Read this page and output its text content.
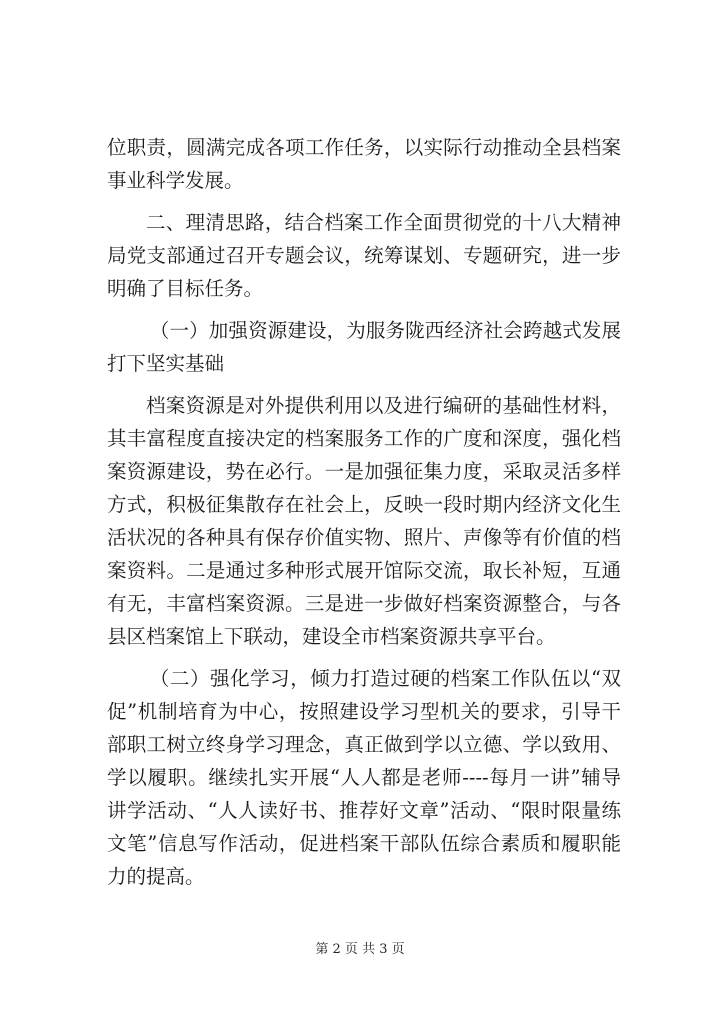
位职责，圆满完成各项工作任务，以实际行动推动全县档案事业科学发展。

二、理清思路，结合档案工作全面贯彻党的十八大精神局党支部通过召开专题会议，统筹谋划、专题研究，进一步明确了目标任务。

（一）加强资源建设，为服务陇西经济社会跨越式发展打下坚实基础

档案资源是对外提供利用以及进行编研的基础性材料，其丰富程度直接决定的档案服务工作的广度和深度，强化档案资源建设，势在必行。一是加强征集力度，采取灵活多样方式，积极征集散存在社会上，反映一段时期内经济文化生活状况的各种具有保存价值实物、照片、声像等有价值的档案资料。二是通过多种形式展开馆际交流，取长补短，互通有无，丰富档案资源。三是进一步做好档案资源整合，与各县区档案馆上下联动，建设全市档案资源共享平台。

（二）强化学习，倾力打造过硬的档案工作队伍以“双促”机制培育为中心，按照建设学习型机关的要求，引导干部职工树立终身学习理念，真正做到学以立德、学以致用、学以履职。继续扎实开展“人人都是老师----每月一讲”辅导讲学活动、“人人读好书、推荐好文章”活动、“限时限量练文笔”信息写作活动，促进档案干部队伍综合素质和履职能力的提高。

第 2 页 共 3 页
